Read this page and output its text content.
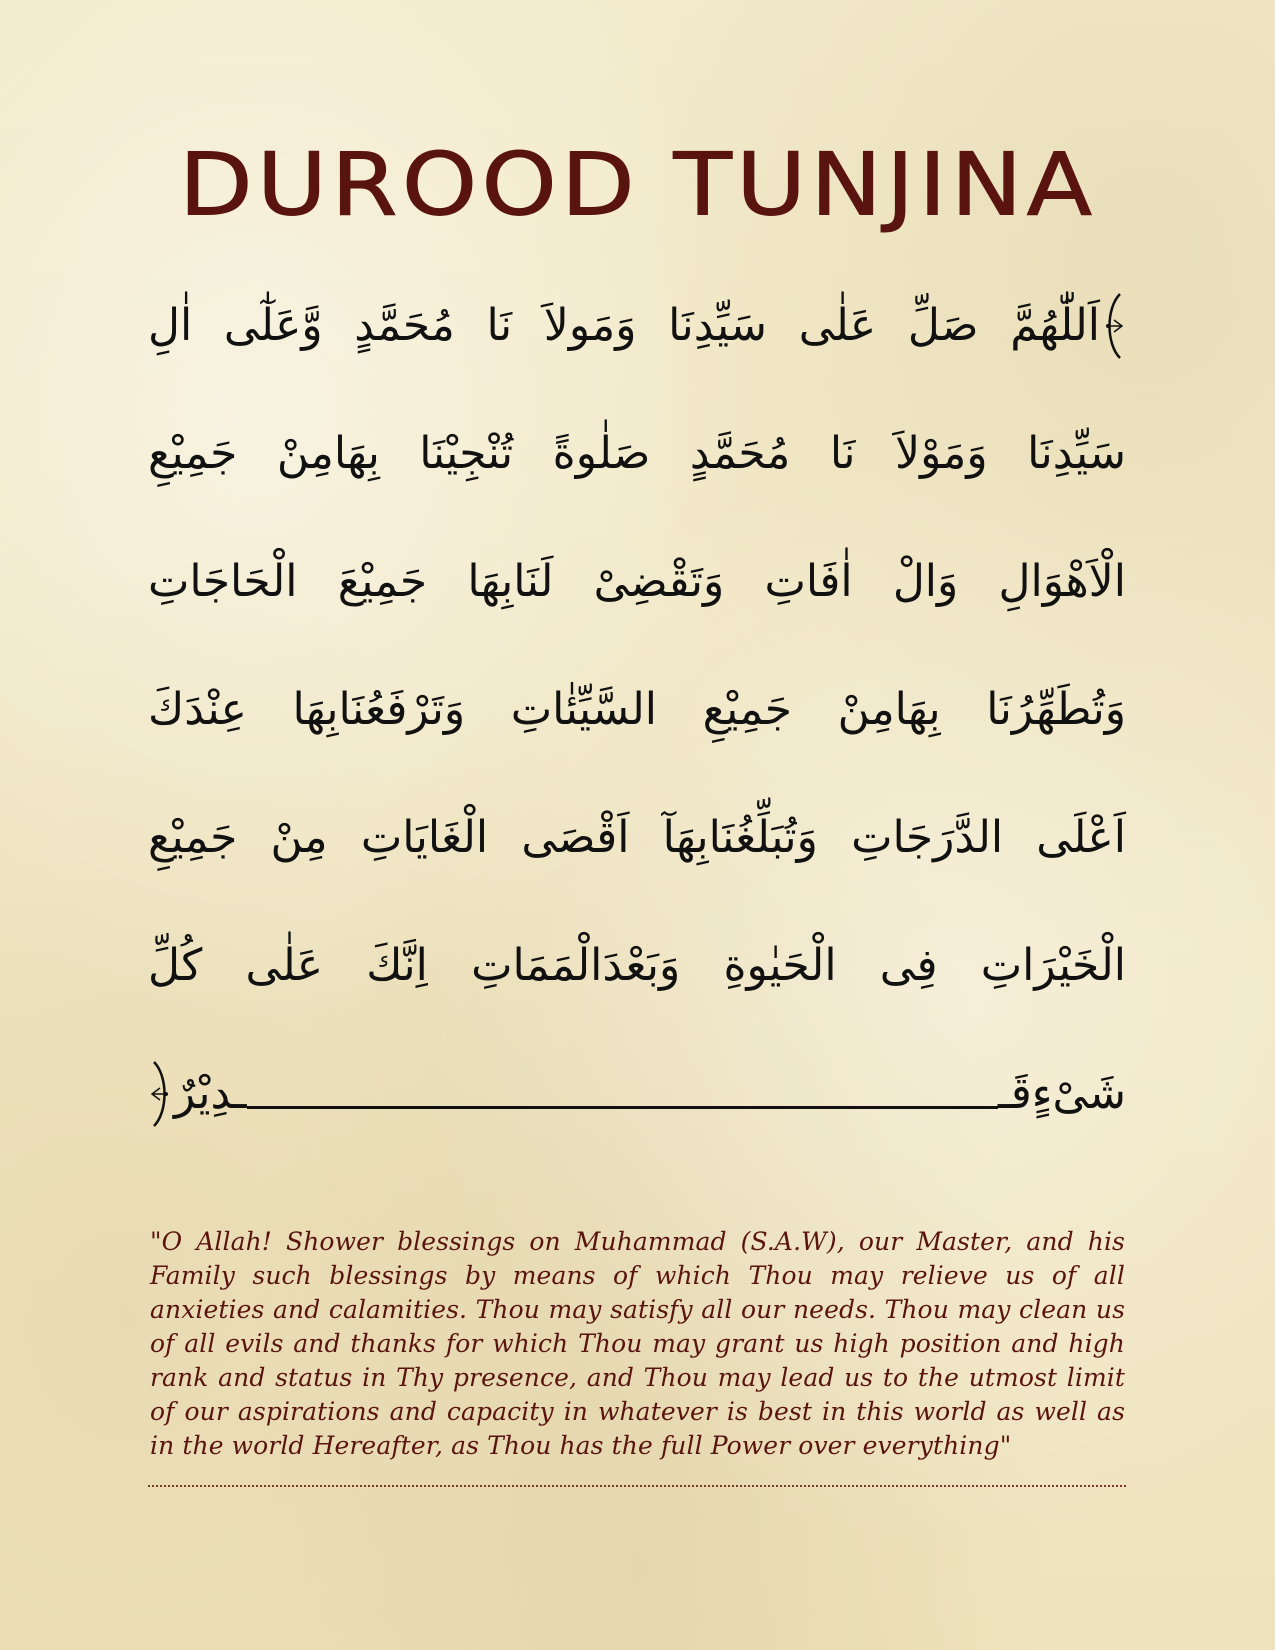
DUROOD TUNJINA
اَللّٰهُمَّ صَلِّ عَلٰى سَيِّدِنَا وَمَولاَ نَا مُحَمَّدٍ وَّعَلٰٓى اٰلِ
سَيِّدِنَا وَمَوْلاَ نَا مُحَمَّدٍ صَلٰوةً تُنْجِيْنَا بِهَامِنْ جَمِيْعِ
الْاَهْوَالِ وَالْ اٰفَاتِ وَتَقْضِىْ لَنَابِهَا جَمِيْعَ الْحَاجَاتِ
وَتُطَهِّرُنَا بِهَامِنْ جَمِيْعِ السَّيِّئٰاتِ وَتَرْفَعُنَابِهَا عِنْدَكَ
اَعْلَى الدَّرَجَاتِ وَتُبَلِّغُنَابِهَآ اَقْصَى الْغَايَاتِ مِنْ جَمِيْعِ
الْخَيْرَاتِ فِى الْحَيٰوةِ وَبَعْدَالْمَمَاتِ اِنَّكَ عَلٰى كُلِّ
شَىْءٍقَـ
ـدِيْرٌ
"O Allah! Shower blessings on Muhammad (S.A.W), our Master, and his Family such blessings by means of which Thou may relieve us of all anxieties and calamities. Thou may satisfy all our needs. Thou may clean us of all evils and thanks for which Thou may grant us high position and high rank and status in Thy presence, and Thou may lead us to the utmost limit of our aspirations and capacity in whatever is best in this world as well as in the world Hereafter, as Thou has the full Power over everything"
